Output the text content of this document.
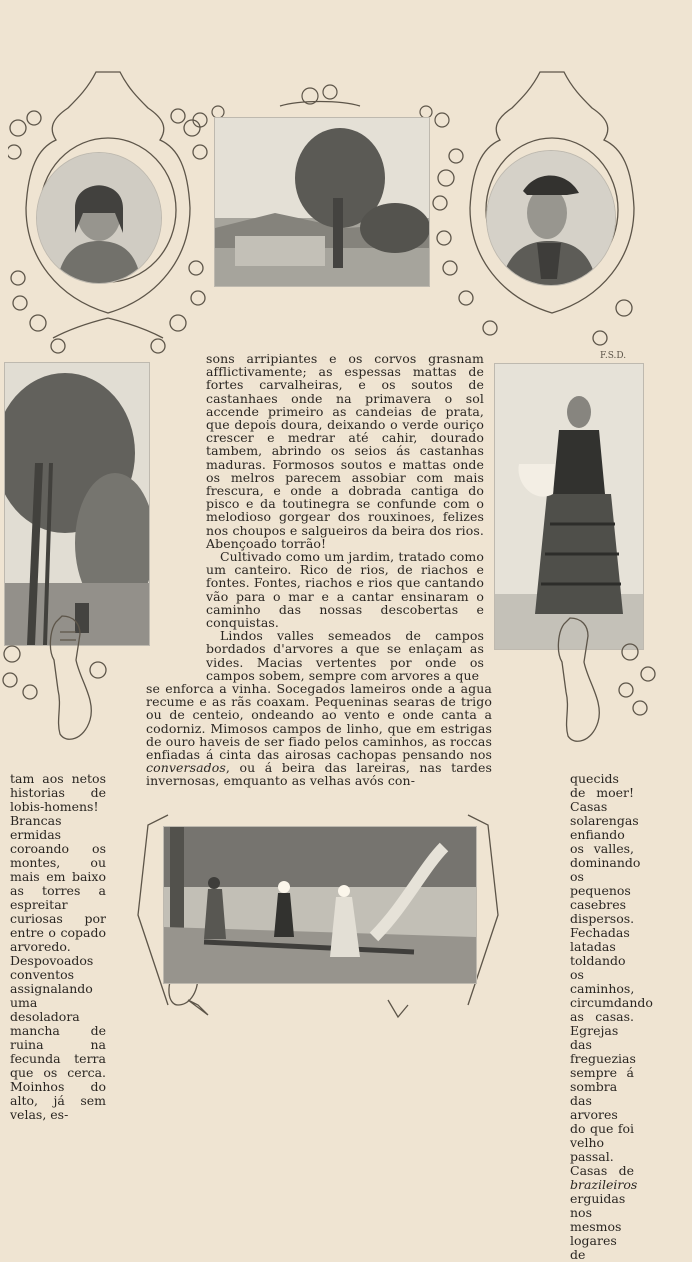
F.S.D.

sons arripiantes e os corvos grasnam afflictivamente; as espessas mattas de fortes carvalheiras, e os soutos de castanhaes onde na primavera o sol accende primeiro as candeias de prata, que depois doura, deixando o verde ouriço crescer e medrar até cahir, dourado tambem, abrindo os seios ás castanhas maduras. Formosos soutos e mattas onde os melros parecem assobiar com mais frescura, e onde a dobrada cantiga do pisco e da toutinegra se confunde com o melodioso gorgear dos rouxinoes, felizes nos choupos e salgueiros da beira dos rios. Abençoado torrão!

Cultivado como um jardim, tratado como um canteiro. Rico de rios, de riachos e fontes. Fontes, riachos e rios que cantando vão para o mar e a cantar ensinaram o caminho das nossas descobertas e conquistas.

Lindos valles semeados de campos bordados d'arvores a que se enlaçam as vides. Macias vertentes por onde os campos sobem, sempre com arvores a que

se enforca a vinha. Socegados lameiros onde a agua recume e as rãs coaxam. Pequeninas searas de trigo ou de centeio, ondeando ao vento e onde canta a codorniz. Mimosos campos de linho, que em estrigas de ouro haveis de ser fiado pelos caminhos, as roccas enfiadas á cinta das airosas cachopas pensando nos conversados, ou á beira das lareiras, nas tardes invernosas, emquanto as velhas avós con-

tam aos netos historias de lobis-homens! Brancas ermidas coroando os montes, ou mais em baixo as torres a espreitar curiosas por entre o copado arvoredo. Despovoados conventos assignalando uma desoladora mancha de ruina na fecunda terra que os cerca. Moinhos do alto, já sem velas, es-

quecids de moer! Casas solarengas enfiando os valles, dominando os pequenos casebres dispersos. Fechadas latadas toldando os caminhos, circumdando as casas. Egrejas das freguezias sempre á sombra das arvores do que foi velho passal. Casas de brazileiros erguidas nos mesmos logares de
